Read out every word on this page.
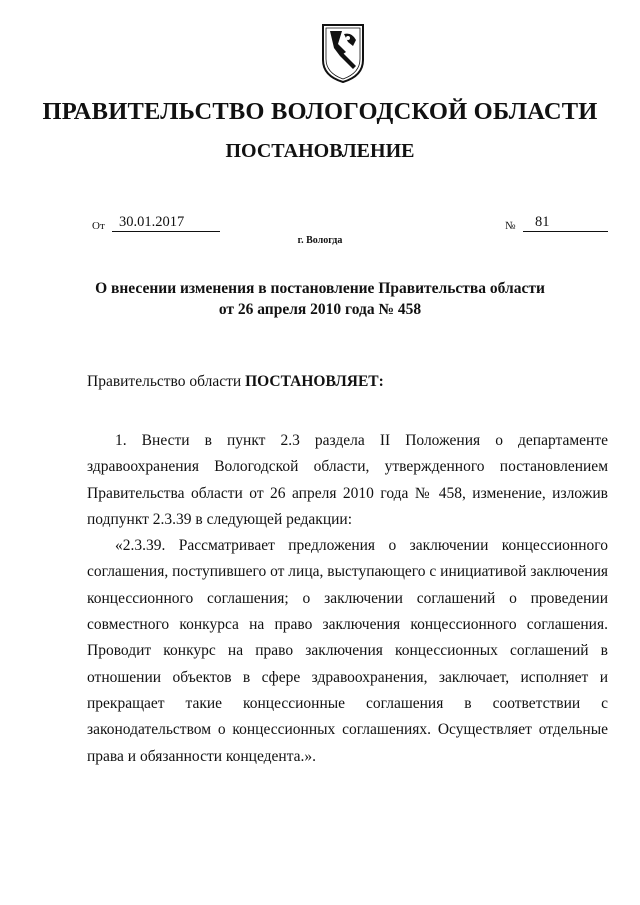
ПРАВИТЕЛЬСТВО ВОЛОГОДСКОЙ ОБЛАСТИ
ПОСТАНОВЛЕНИЕ
От 30.01.2017	№	81
г. Вологда
О внесении изменения в постановление Правительства области
от 26 апреля 2010 года № 458
Правительство области ПОСТАНОВЛЯЕТ:

1. Внести в пункт 2.3 раздела II Положения о департаменте здравоохранения Вологодской области, утвержденного постановлением Правительства области от 26 апреля 2010 года № 458, изменение, изложив подпункт 2.3.39 в следующей редакции:

«2.3.39. Рассматривает предложения о заключении концессионного соглашения, поступившего от лица, выступающего с инициативой заключения концессионного соглашения; о заключении соглашений о проведении совместного конкурса на право заключения концессионного соглашения. Проводит конкурс на право заключения концессионных соглашений в отношении объектов в сфере здравоохранения, заключает, исполняет и прекращает такие концессионные соглашения в соответствии с законодательством о концессионных соглашениях. Осуществляет отдельные права и обязанности концедента.».
